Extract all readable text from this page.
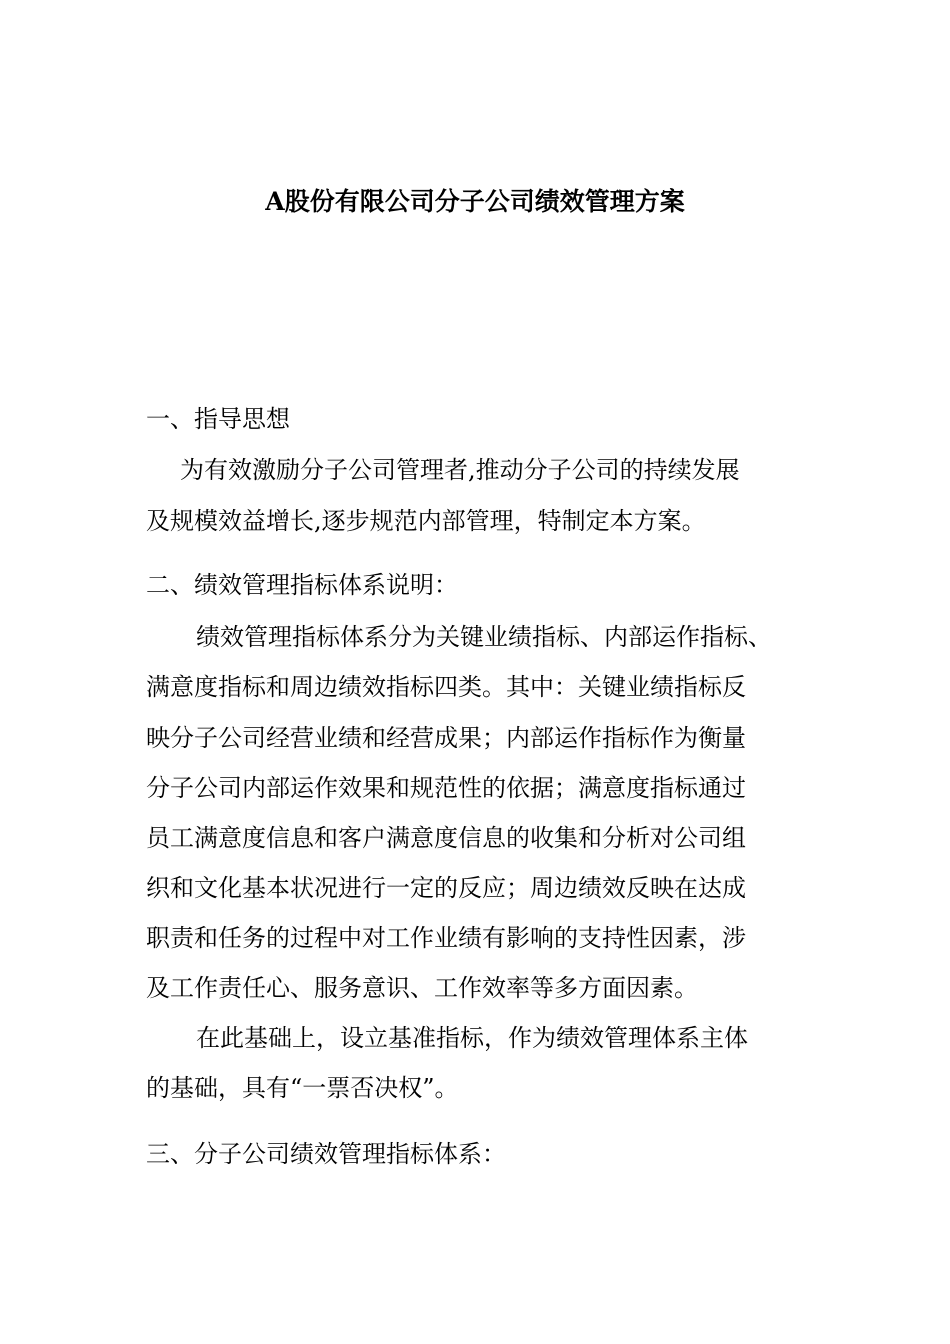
A股份有限公司分子公司绩效管理方案
一、指导思想
为有效激励分子公司管理者,推动分子公司的持续发展
及规模效益增长,逐步规范内部管理，特制定本方案。
二、绩效管理指标体系说明：
绩效管理指标体系分为关键业绩指标、内部运作指标、
满意度指标和周边绩效指标四类。其中：关键业绩指标反
映分子公司经营业绩和经营成果；内部运作指标作为衡量
分子公司内部运作效果和规范性的依据；满意度指标通过
员工满意度信息和客户满意度信息的收集和分析对公司组
织和文化基本状况进行一定的反应；周边绩效反映在达成
职责和任务的过程中对工作业绩有影响的支持性因素，涉
及工作责任心、服务意识、工作效率等多方面因素。
在此基础上，设立基准指标，作为绩效管理体系主体
的基础，具有“一票否决权”。
三、分子公司绩效管理指标体系：
